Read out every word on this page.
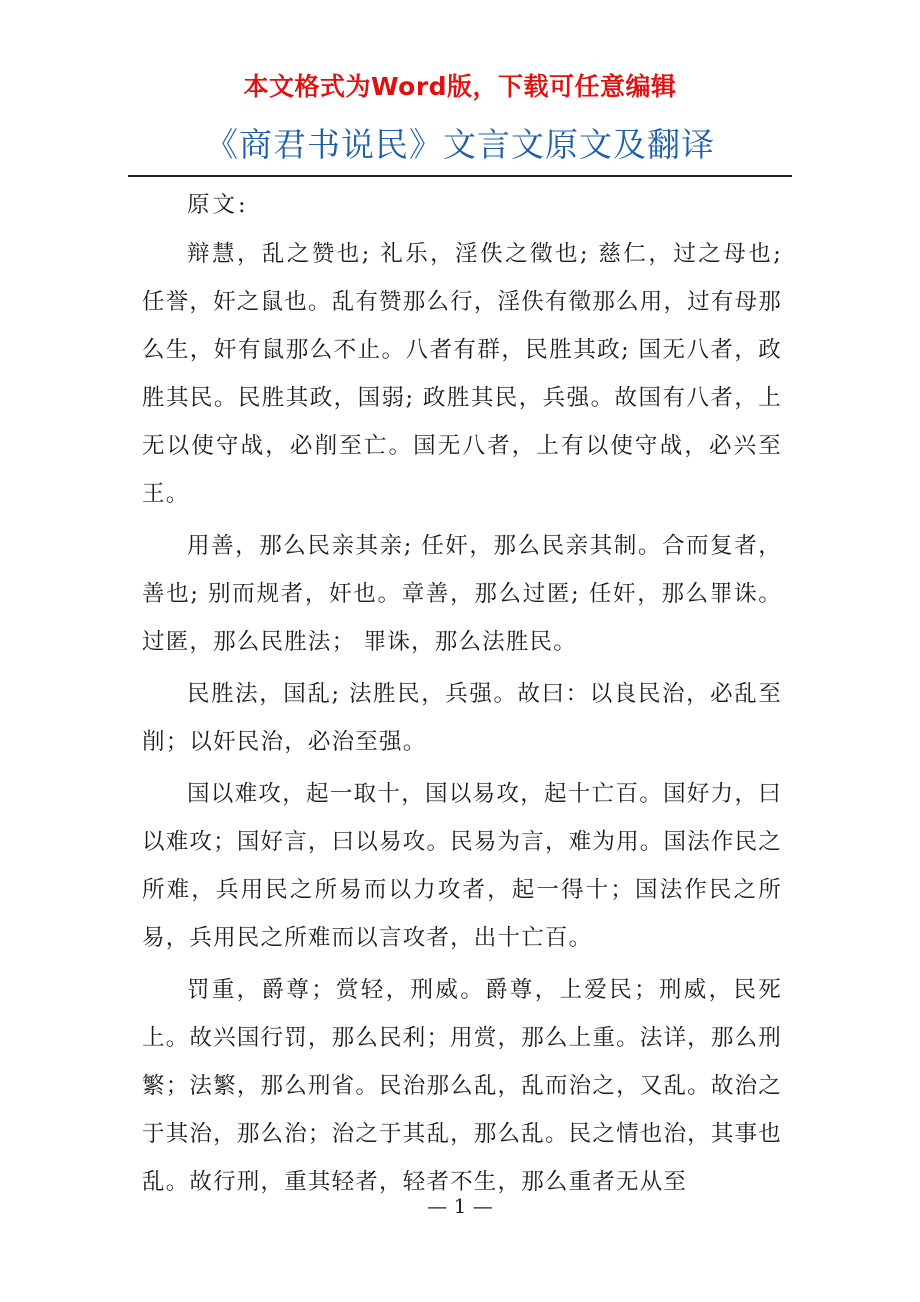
本文格式为Word版，下载可任意编辑
《商君书说民》文言文原文及翻译

原文:

辩慧，乱之赞也; 礼乐，淫佚之徵也; 慈仁，过之母也; 任誉，奸之鼠也。乱有赞那么行，淫佚有徵那么用，过有母那么生，奸有鼠那么不止。八者有群，民胜其政; 国无八者，政胜其民。民胜其政，国弱; 政胜其民，兵强。故国有八者，上无以使守战，必削至亡。国无八者，上有以使守战，必兴至王。

用善，那么民亲其亲; 任奸，那么民亲其制。合而复者，善也; 别而规者，奸也。章善，那么过匿; 任奸，那么罪诛。过匿，那么民胜法； 罪诛，那么法胜民。

民胜法，国乱; 法胜民，兵强。故曰：以良民治，必乱至削；以奸民治，必治至强。

国以难攻，起一取十，国以易攻，起十亡百。国好力，曰以难攻；国好言，曰以易攻。民易为言，难为用。国法作民之所难，兵用民之所易而以力攻者，起一得十；国法作民之所易，兵用民之所难而以言攻者，出十亡百。

罚重，爵尊；赏轻，刑威。爵尊，上爱民；刑威，民死上。故兴国行罚，那么民利；用赏，那么上重。法详，那么刑繁；法繁，那么刑省。民治那么乱，乱而治之，又乱。故治之于其治，那么治；治之于其乱，那么乱。民之情也治，其事也乱。故行刑，重其轻者，轻者不生，那么重者无从至

— 1 —
